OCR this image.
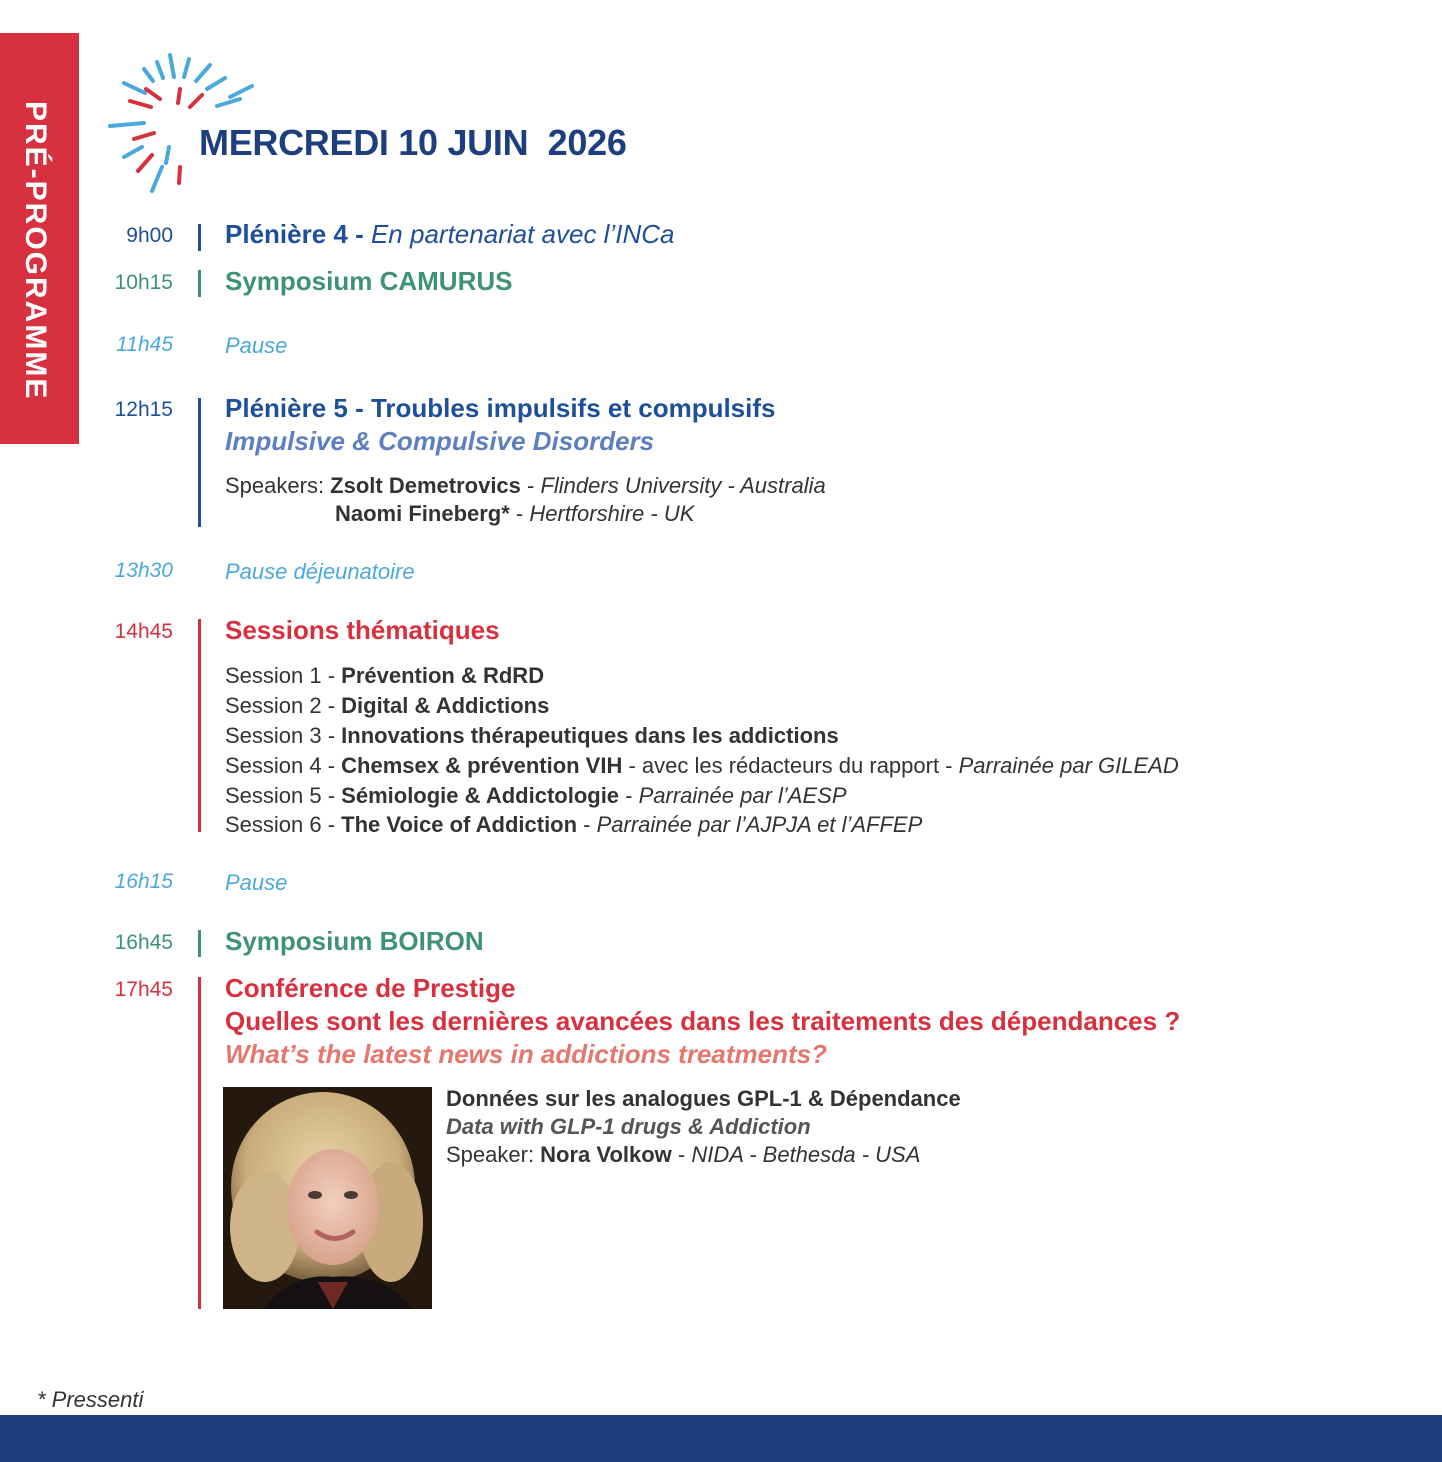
PRÉ-PROGRAMME	MERCREDI 10 JUIN  2026
9h00 Plénière 4 - En partenariat avec l’INCa
10h15 Symposium CAMURUS
11h45 Pause
12h15 Plénière 5 - Troubles impulsifs et compulsifs
Impulsive & Compulsive Disorders
Speakers: Zsolt Demetrovics - Flinders University - Australia
Naomi Fineberg* - Hertforshire - UK
13h30 Pause déjeunatoire
14h45 Sessions thématiques
Session 1 - Prévention & RdRD
Session 2 - Digital & Addictions
Session 3 - Innovations thérapeutiques dans les addictions
Session 4 - Chemsex & prévention VIH - avec les rédacteurs du rapport - Parrainée par GILEAD
Session 5 - Sémiologie & Addictologie - Parrainée par l’AESP
Session 6 - The Voice of Addiction - Parrainée par l’AJPJA et l’AFFEP
16h15 Pause
16h45 Symposium BOIRON
17h45 Conférence de Prestige
Quelles sont les dernières avancées dans les traitements des dépendances ?
What’s the latest news in addictions treatments?
Données sur les analogues GPL-1 & Dépendance
Data with GLP-1 drugs & Addiction
Speaker: Nora Volkow - NIDA - Bethesda - USA
* Pressenti
